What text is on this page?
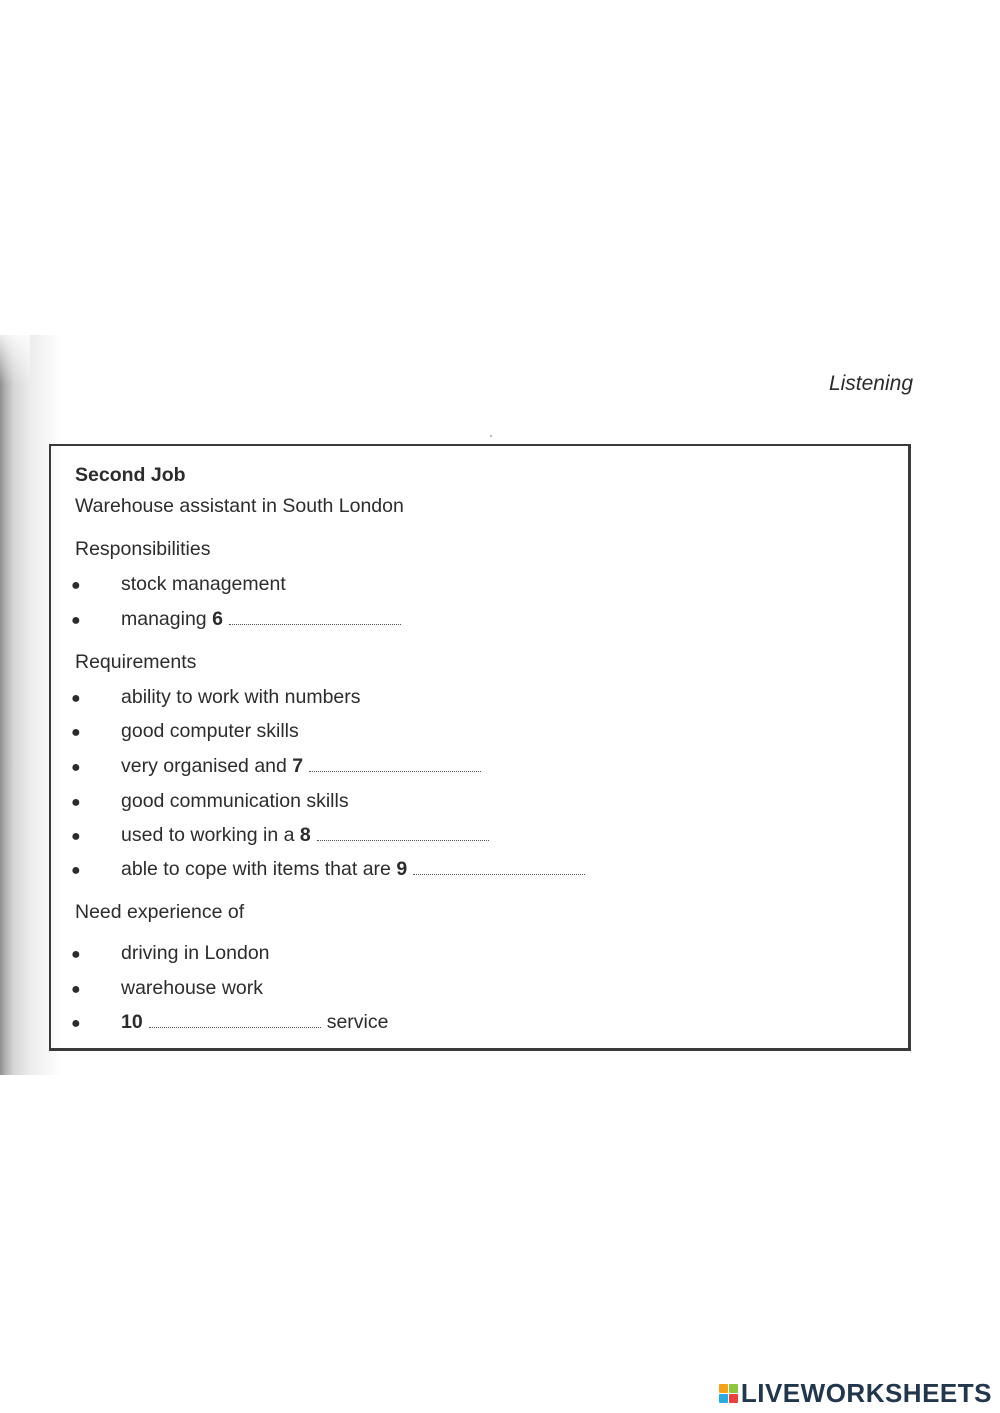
Listening
Second Job
Warehouse assistant in South London
Responsibilities
● stock management
● managing 6
Requirements
● ability to work with numbers
● good computer skills
● very organised and 7
● good communication skills
● used to working in a 8
● able to cope with items that are 9
Need experience of
● driving in London
● warehouse work
● 10	service
LIVEWORKSHEETS
